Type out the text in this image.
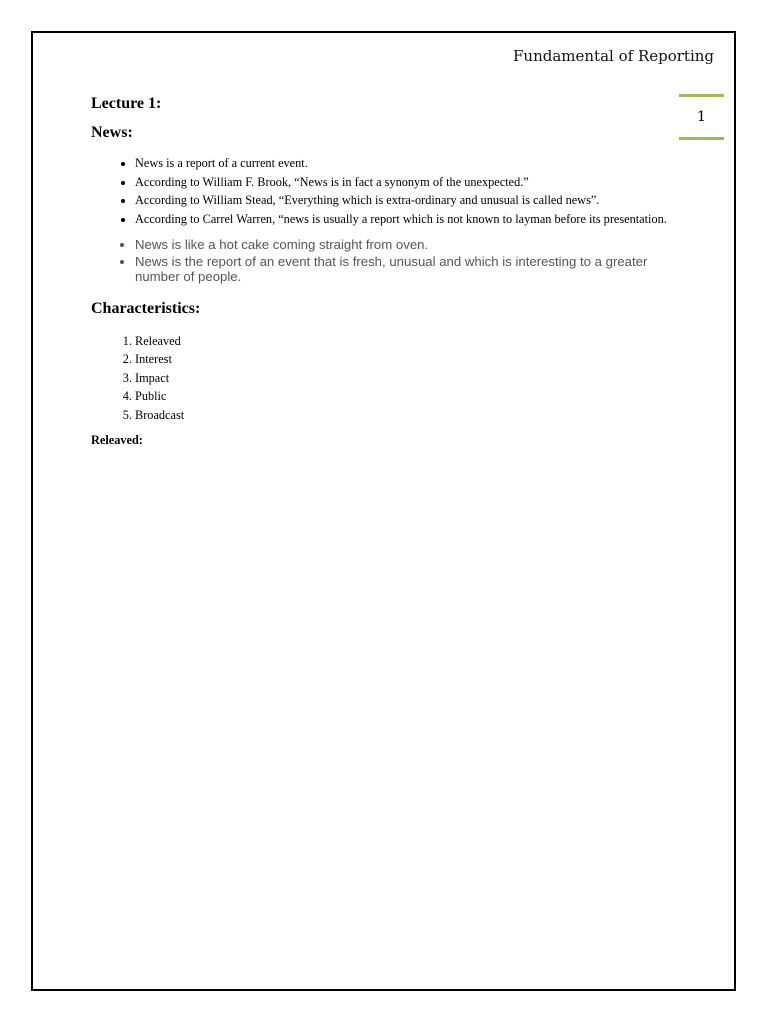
Fundamental of Reporting
1
Lecture 1:
News:
• News is a report of a current event.
• According to William F. Brook, “News is in fact a synonym of the unexpected.”
• According to William Stead, “Everything which is extra-ordinary and unusual is called news”.
• According to Carrel Warren, “news is usually a report which is not known to layman before its presentation.
• News is like a hot cake coming straight from oven.
• News is the report of an event that is fresh, unusual and which is interesting to a greater number of people.
Characteristics:
1. Releaved
2. Interest
3. Impact
4. Public
5. Broadcast
Releaved:
